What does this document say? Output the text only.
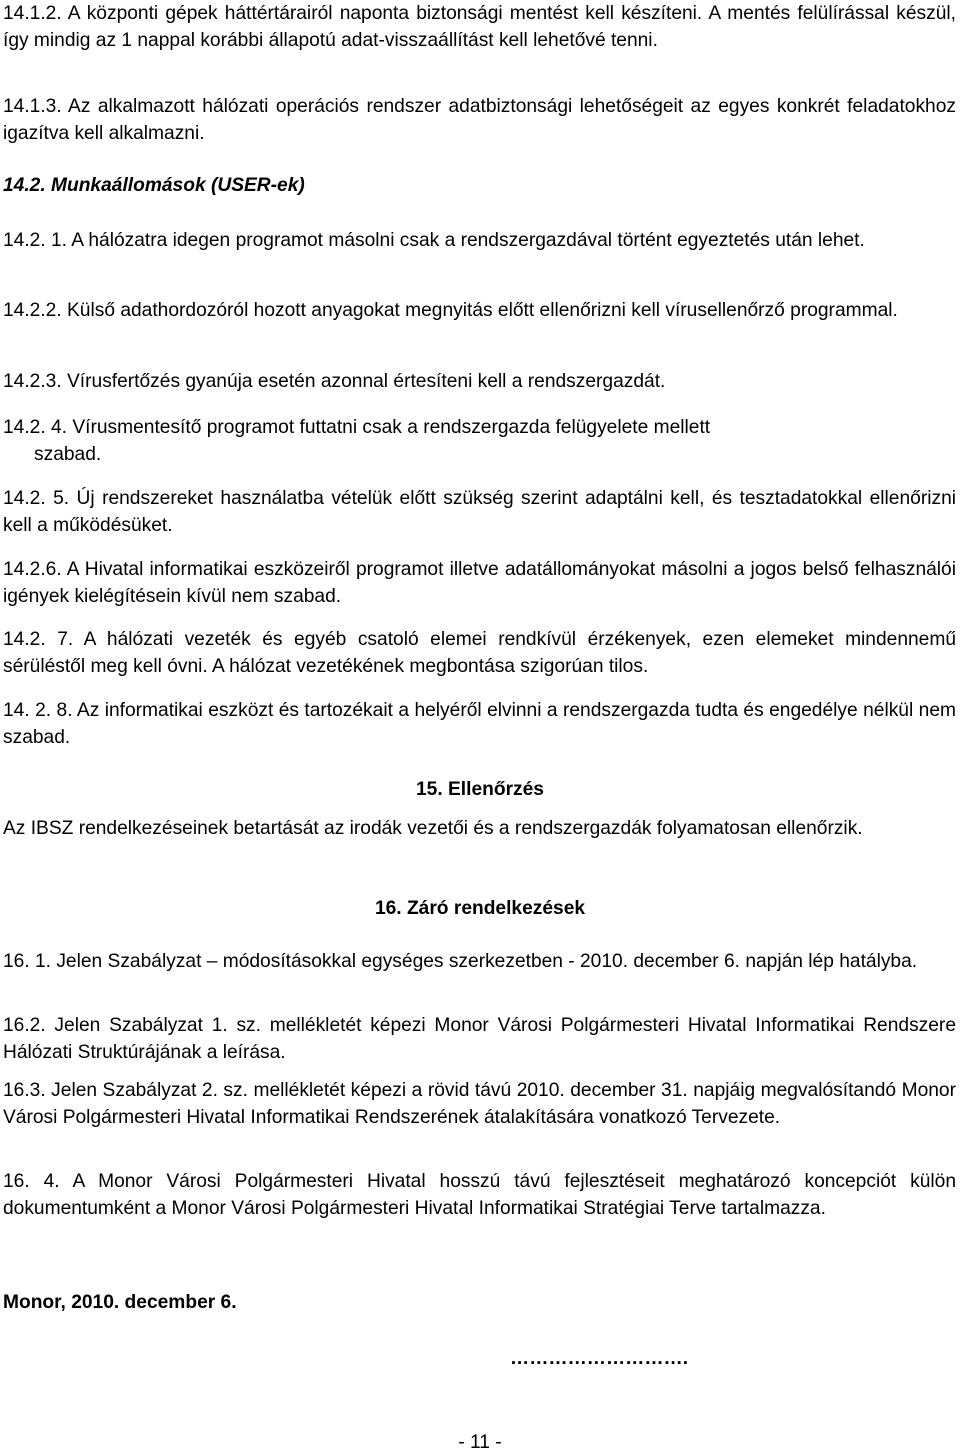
14.1.2. A központi gépek háttértárairól naponta biztonsági mentést kell készíteni. A mentés felülírással készül, így mindig az 1 nappal korábbi állapotú adat-visszaállítást kell lehetővé tenni.

14.1.3. Az alkalmazott hálózati operációs rendszer adatbiztonsági lehetőségeit az egyes konkrét feladatokhoz igazítva kell alkalmazni.

14.2. Munkaállomások (USER-ek)

14.2. 1. A hálózatra idegen programot másolni csak a rendszergazdával történt egyeztetés után lehet.

14.2.2. Külső adathordozóról hozott anyagokat megnyitás előtt ellenőrizni kell vírusellenőrző programmal.

14.2.3. Vírusfertőzés gyanúja esetén azonnal értesíteni kell a rendszergazdát.

14.2. 4. Vírusmentesítő programot futtatni csak a rendszergazda felügyelete mellett

szabad.

14.2. 5. Új rendszereket használatba vételük előtt szükség szerint adaptálni kell, és tesztadatokkal ellenőrizni kell a működésüket.

14.2.6. A Hivatal informatikai eszközeiről programot illetve adatállományokat másolni a jogos belső felhasználói igények kielégítésein kívül nem szabad.

14.2. 7. A hálózati vezeték és egyéb csatoló elemei rendkívül érzékenyek, ezen elemeket mindennemű sérüléstől meg kell óvni. A hálózat vezetékének megbontása szigorúan tilos.

14. 2. 8. Az informatikai eszközt és tartozékait a helyéről elvinni a rendszergazda tudta és engedélye nélkül nem szabad.

15. Ellenőrzés

Az IBSZ rendelkezéseinek betartását az irodák vezetői és a rendszergazdák folyamatosan ellenőrzik.

16. Záró rendelkezések

16. 1. Jelen Szabályzat – módosításokkal egységes szerkezetben - 2010. december 6. napján lép hatályba.

16.2. Jelen Szabályzat 1. sz. mellékletét képezi Monor Városi Polgármesteri Hivatal Informatikai Rendszere Hálózati Struktúrájának a leírása.

16.3. Jelen Szabályzat 2. sz. mellékletét képezi a rövid távú 2010. december 31. napjáig megvalósítandó Monor Városi Polgármesteri Hivatal Informatikai Rendszerének átalakítására vonatkozó Tervezete.

16. 4. A Monor Városi Polgármesteri Hivatal hosszú távú fejlesztéseit meghatározó koncepciót külön dokumentumként a Monor Városi Polgármesteri Hivatal Informatikai Stratégiai Terve tartalmazza.

Monor, 2010. december 6.

……………………….

- 11 -
